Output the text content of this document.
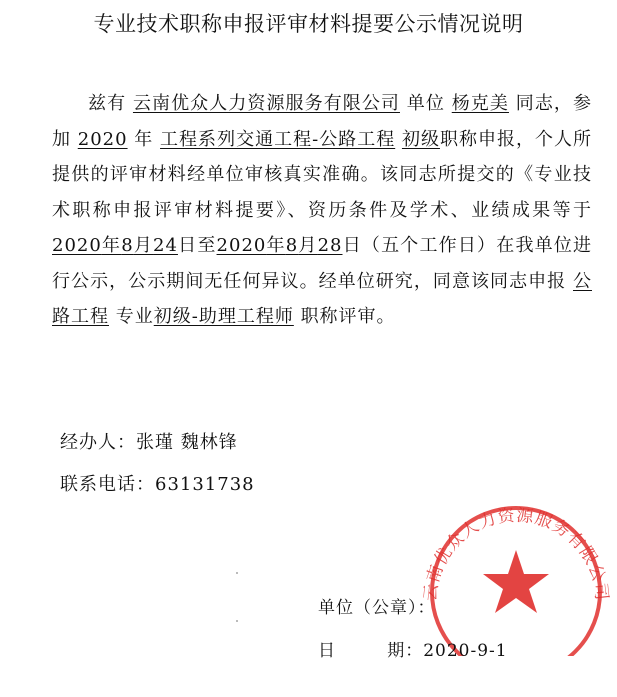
专业技术职称申报评审材料提要公示情况说明
兹有 云南优众人力资源服务有限公司 单位 杨克美 同志，参加 2020 年 工程系列交通工程-公路工程 初级职称申报，个人所提供的评审材料经单位审核真实准确。该同志所提交的《专业技术职称申报评审材料提要》、资历条件及学术、业绩成果等于2020年8月24日至2020年8月28日（五个工作日）在我单位进行公示，公示期间无任何异议。经单位研究，同意该同志申报 公路工程 专业初级-助理工程师 职称评审。
经办人：张瑾 魏林锋
联系电话：63131738
云南优众人力资源服务有限公司
单位（公章）：
日        期：2020-9-1
